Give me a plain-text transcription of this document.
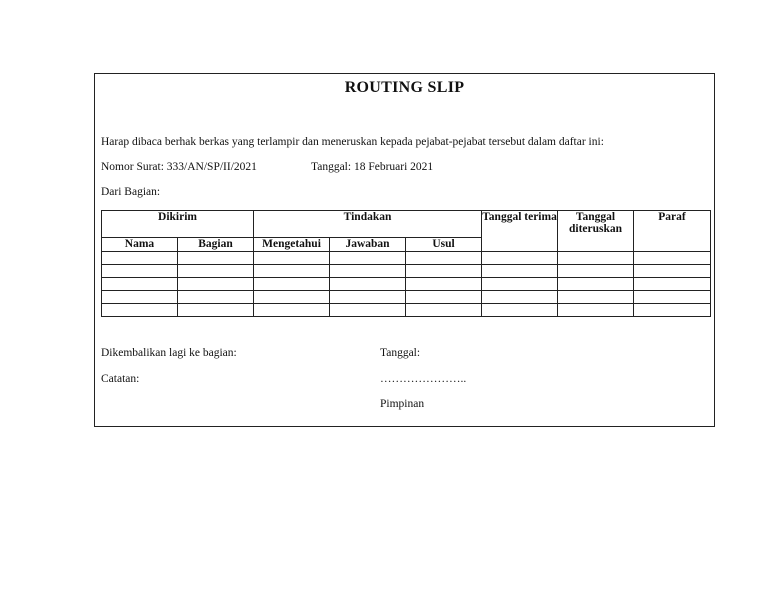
ROUTING SLIP
Harap dibaca berhak berkas yang terlampir dan meneruskan kepada pejabat-pejabat tersebut dalam daftar ini:
Nomor Surat: 333/AN/SP/II/2021	Tanggal: 18 Februari 2021
Dari Bagian:
Dikirim		Tindakan			Tanggal terima	Tanggal diteruskan	Paraf
Nama	Bagian	Mengetahui	Jawaban	Usul			

Dikembalikan lagi ke bagian:
Catatan:
Tanggal:
…………………..
Pimpinan
